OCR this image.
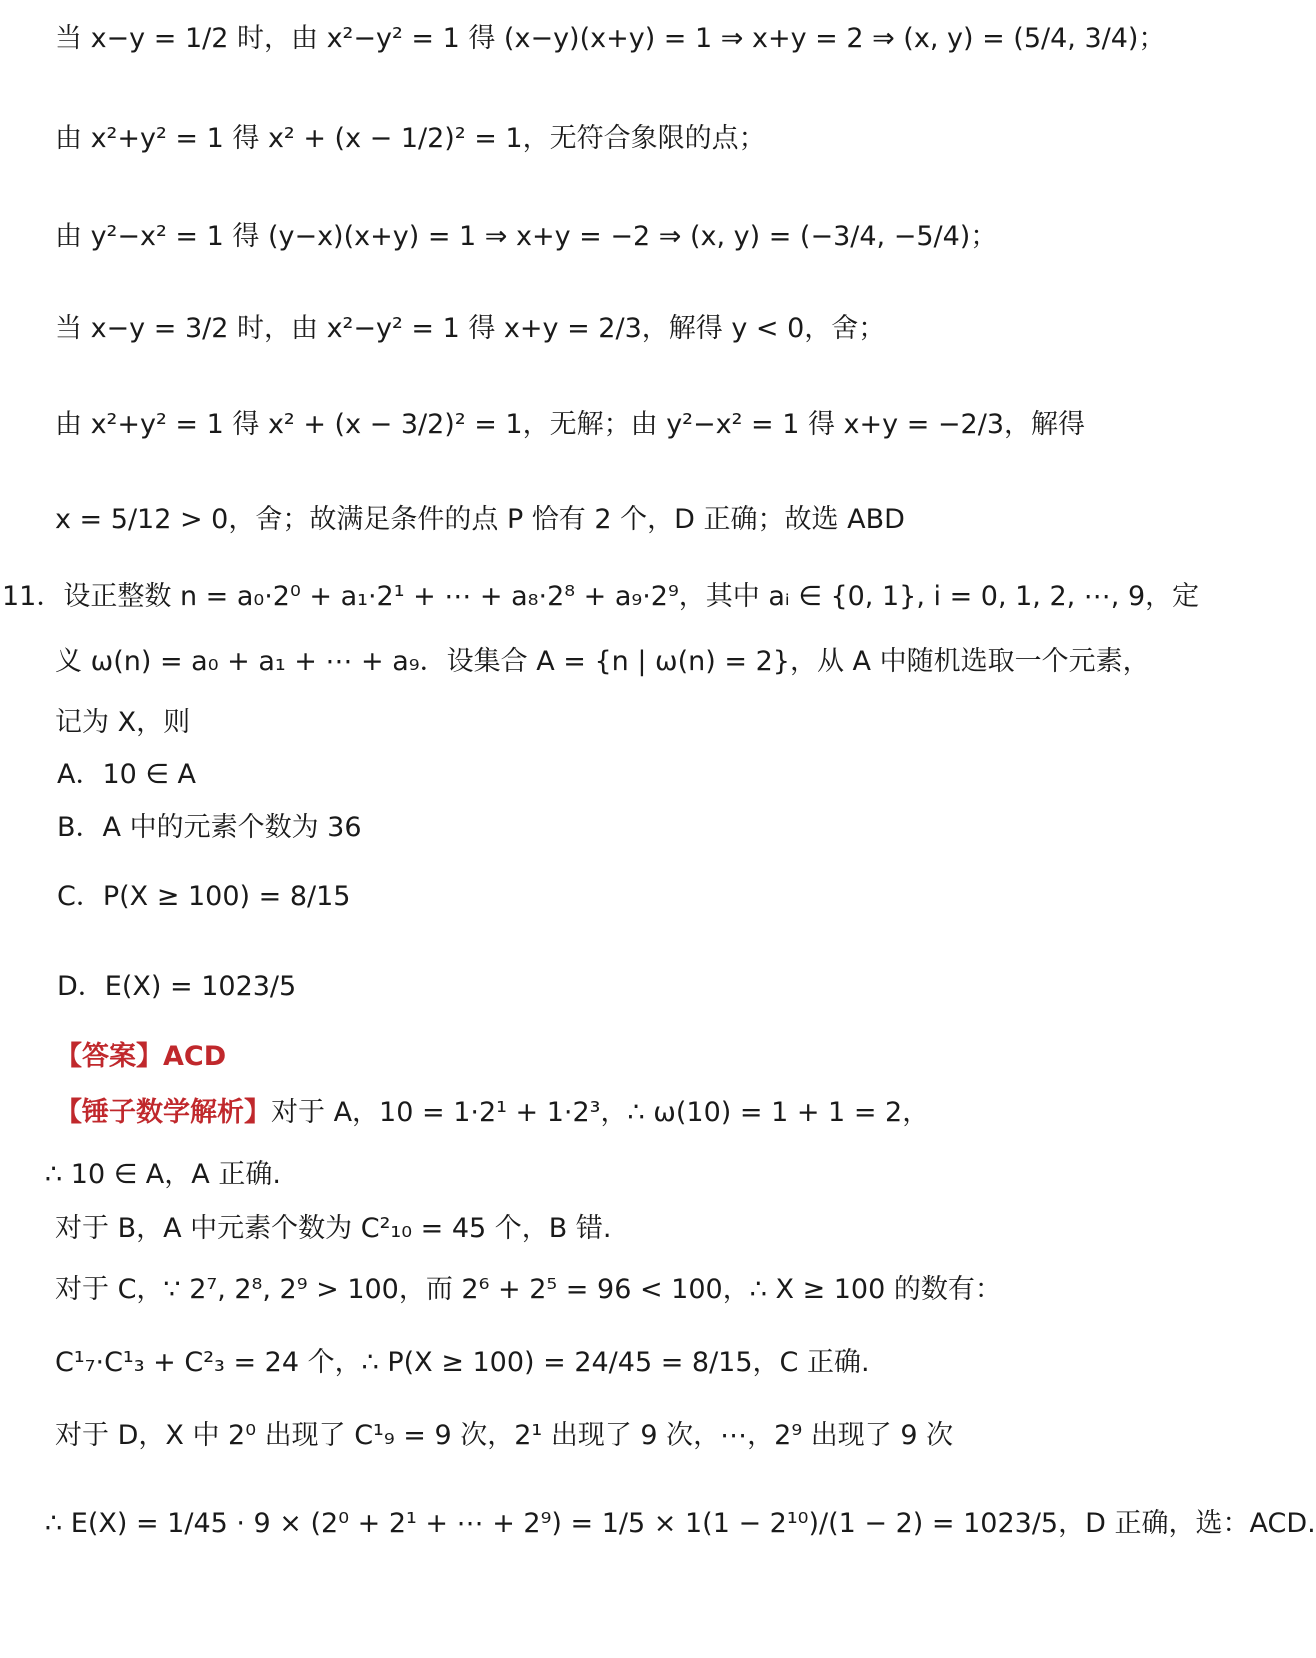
当 x−y = 1/2 时，由 x²−y² = 1 得 (x−y)(x+y) = 1 ⇒ x+y = 2 ⇒ (x, y) = (5/4, 3/4)；
由 x²+y² = 1 得 x² + (x − 1/2)² = 1，无符合象限的点；
由 y²−x² = 1 得 (y−x)(x+y) = 1 ⇒ x+y = −2 ⇒ (x, y) = (−3/4, −5/4)；
当 x−y = 3/2 时，由 x²−y² = 1 得 x+y = 2/3，解得 y < 0，舍；
由 x²+y² = 1 得 x² + (x − 3/2)² = 1，无解；由 y²−x² = 1 得 x+y = −2/3，解得
x = 5/12 > 0，舍；故满足条件的点 P 恰有 2 个，D 正确；故选 ABD
11．设正整数 n = a₀·2⁰ + a₁·2¹ + ⋯ + a₈·2⁸ + a₉·2⁹，其中 aᵢ ∈ {0, 1}, i = 0, 1, 2, ⋯, 9，定
义 ω(n) = a₀ + a₁ + ⋯ + a₉．设集合 A = {n | ω(n) = 2}，从 A 中随机选取一个元素，
记为 X，则
A．10 ∈ A
B．A 中的元素个数为 36
C．P(X ≥ 100) = 8/15
D．E(X) = 1023/5
【答案】ACD
【锤子数学解析】对于 A，10 = 1·2¹ + 1·2³，∴ ω(10) = 1 + 1 = 2，
∴ 10 ∈ A，A 正确.
对于 B，A 中元素个数为 C²₁₀ = 45 个，B 错.
对于 C，∵ 2⁷, 2⁸, 2⁹ > 100，而 2⁶ + 2⁵ = 96 < 100，∴ X ≥ 100 的数有：
C¹₇·C¹₃ + C²₃ = 24 个，∴ P(X ≥ 100) = 24/45 = 8/15，C 正确.
对于 D，X 中 2⁰ 出现了 C¹₉ = 9 次，2¹ 出现了 9 次，⋯，2⁹ 出现了 9 次
∴ E(X) = 1/45 · 9 × (2⁰ + 2¹ + ⋯ + 2⁹) = 1/5 × 1(1 − 2¹⁰)/(1 − 2) = 1023/5，D 正确，选：ACD.
